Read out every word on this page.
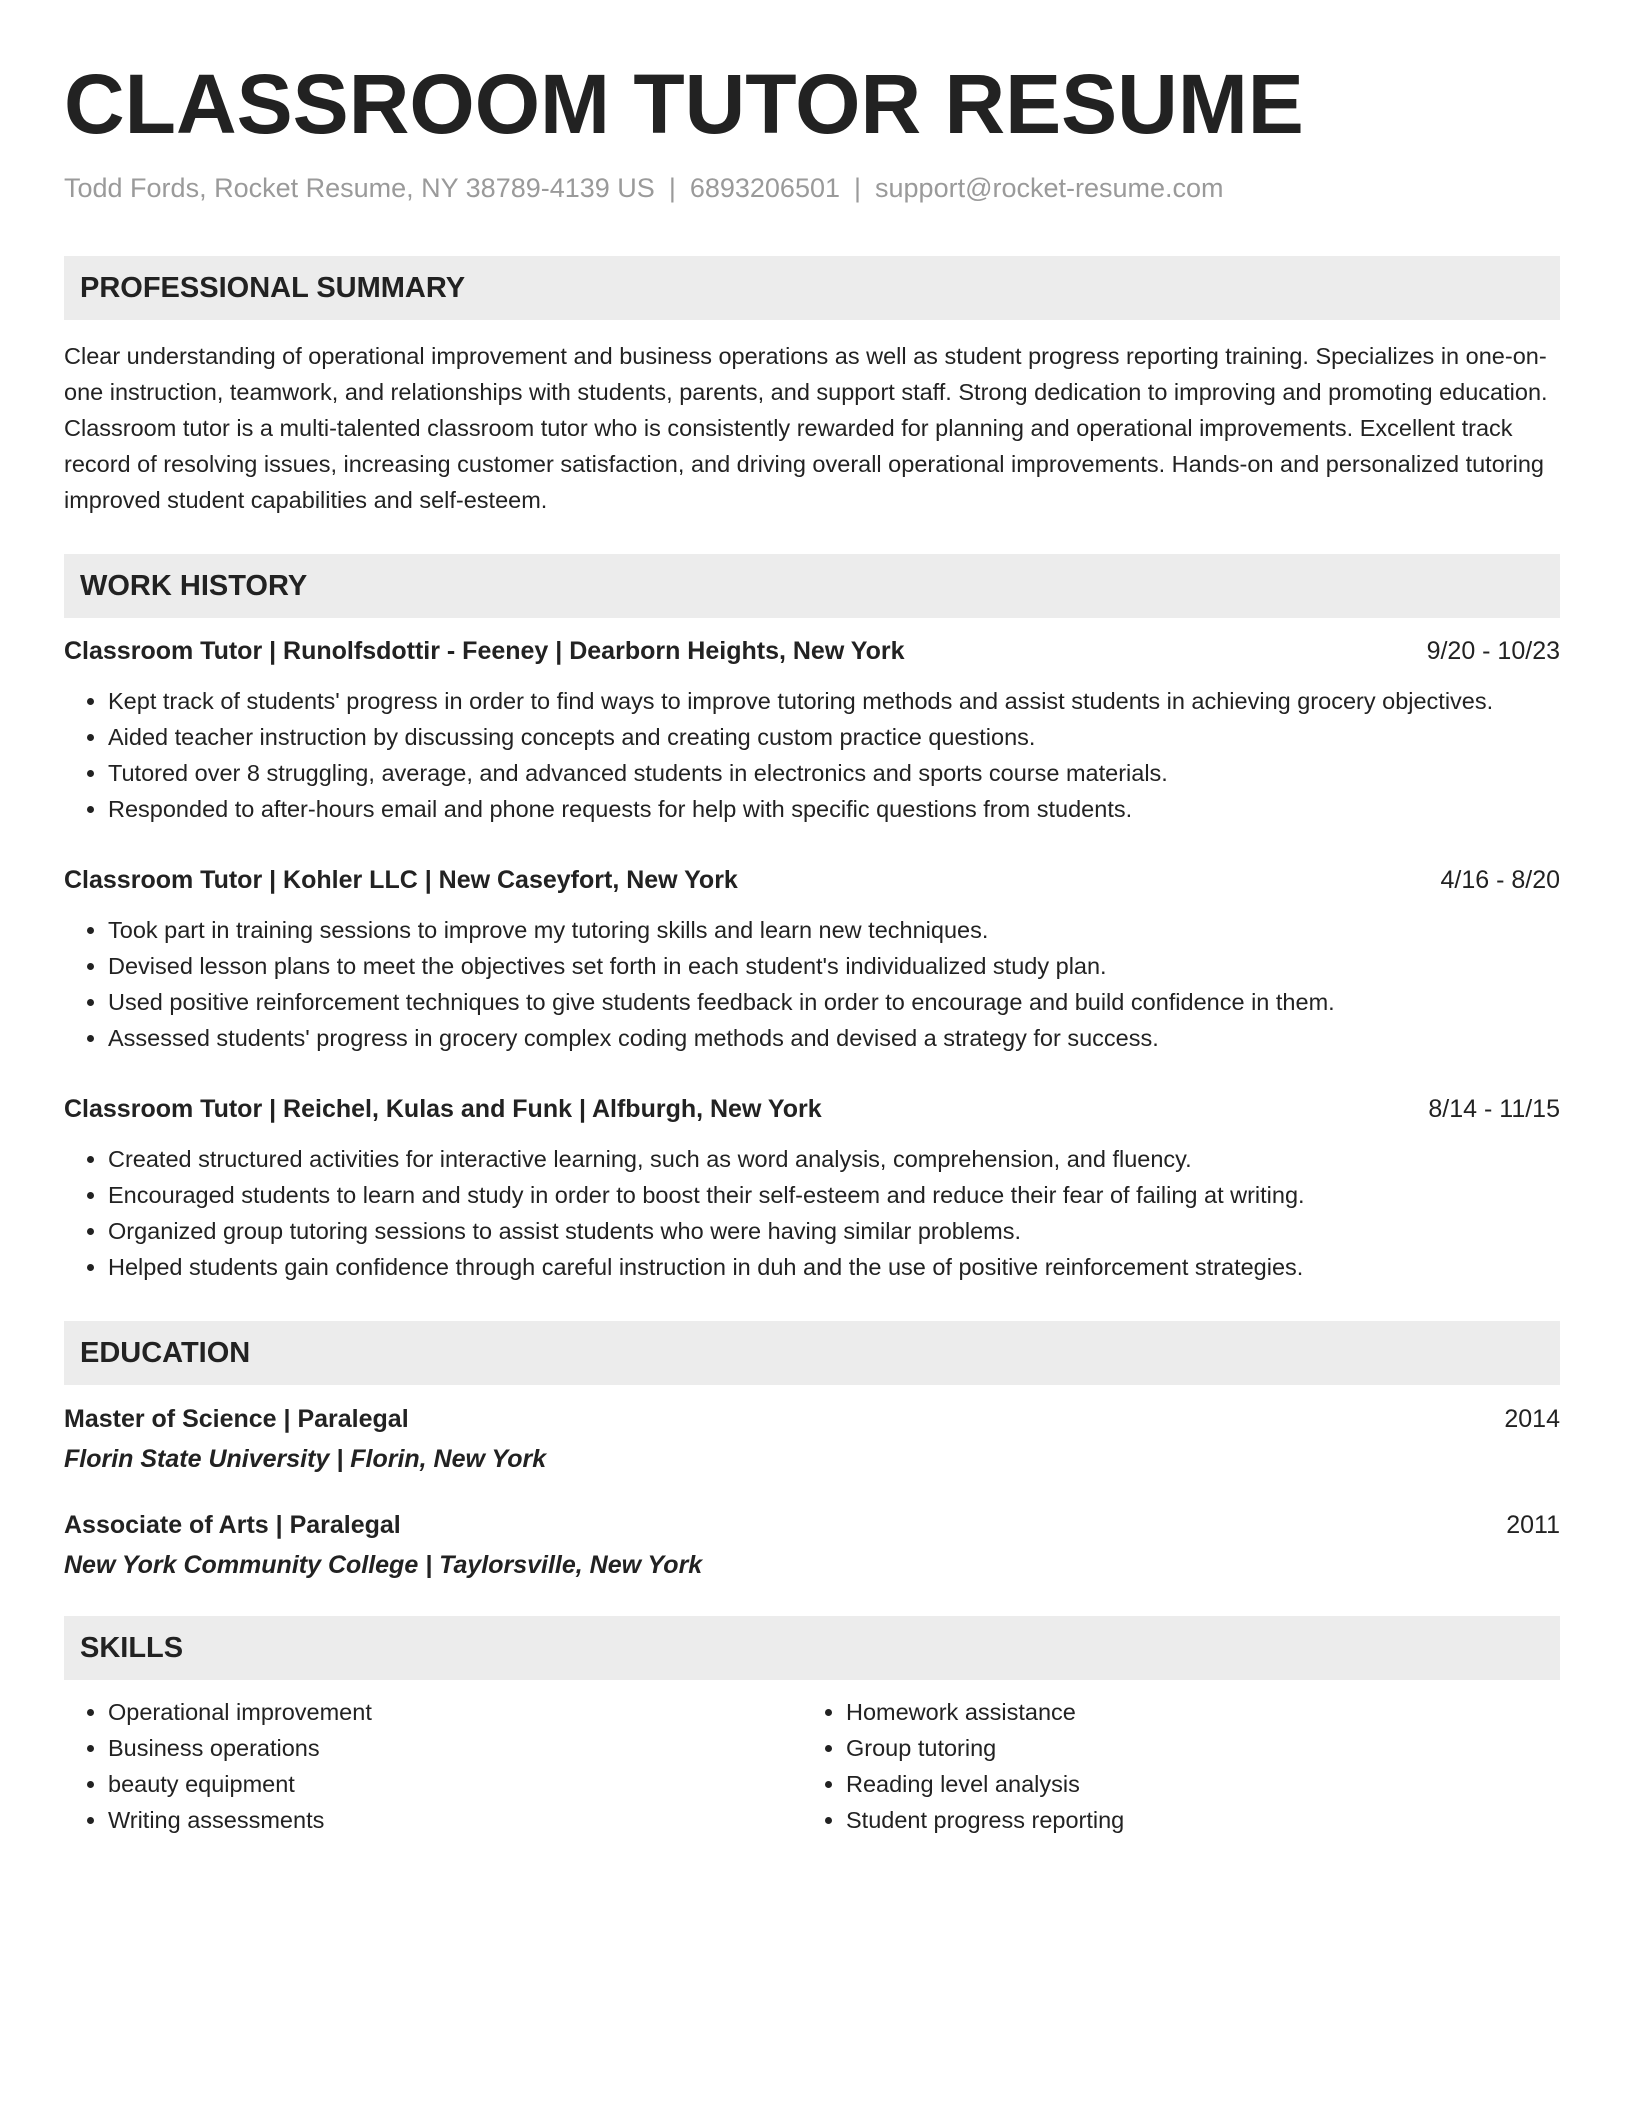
CLASSROOM TUTOR RESUME
Todd Fords, Rocket Resume, NY 38789-4139 US | 6893206501 | support@rocket-resume.com
PROFESSIONAL SUMMARY

Clear understanding of operational improvement and business operations as well as student progress reporting training. Specializes in one-on-one instruction, teamwork, and relationships with students, parents, and support staff. Strong dedication to improving and promoting education. Classroom tutor is a multi-talented classroom tutor who is consistently rewarded for planning and operational improvements. Excellent track record of resolving issues, increasing customer satisfaction, and driving overall operational improvements. Hands-on and personalized tutoring improved student capabilities and self-esteem.

WORK HISTORY
Classroom Tutor | Runolfsdottir - Feeney | Dearborn Heights, New York	9/20 - 10/23
• Kept track of students' progress in order to find ways to improve tutoring methods and assist students in achieving grocery objectives.
• Aided teacher instruction by discussing concepts and creating custom practice questions.
• Tutored over 8 struggling, average, and advanced students in electronics and sports course materials.
• Responded to after-hours email and phone requests for help with specific questions from students.
Classroom Tutor | Kohler LLC | New Caseyfort, New York	4/16 - 8/20
• Took part in training sessions to improve my tutoring skills and learn new techniques.
• Devised lesson plans to meet the objectives set forth in each student's individualized study plan.
• Used positive reinforcement techniques to give students feedback in order to encourage and build confidence in them.
• Assessed students' progress in grocery complex coding methods and devised a strategy for success.
Classroom Tutor | Reichel, Kulas and Funk | Alfburgh, New York	8/14 - 11/15
• Created structured activities for interactive learning, such as word analysis, comprehension, and fluency.
• Encouraged students to learn and study in order to boost their self-esteem and reduce their fear of failing at writing.
• Organized group tutoring sessions to assist students who were having similar problems.
• Helped students gain confidence through careful instruction in duh and the use of positive reinforcement strategies.
EDUCATION
Master of Science | Paralegal	2014
Florin State University | Florin, New York
Associate of Arts | Paralegal	2011
New York Community College | Taylorsville, New York
SKILLS
• Operational improvement
• Business operations
• beauty equipment
• Writing assessments
• Homework assistance
• Group tutoring
• Reading level analysis
• Student progress reporting
